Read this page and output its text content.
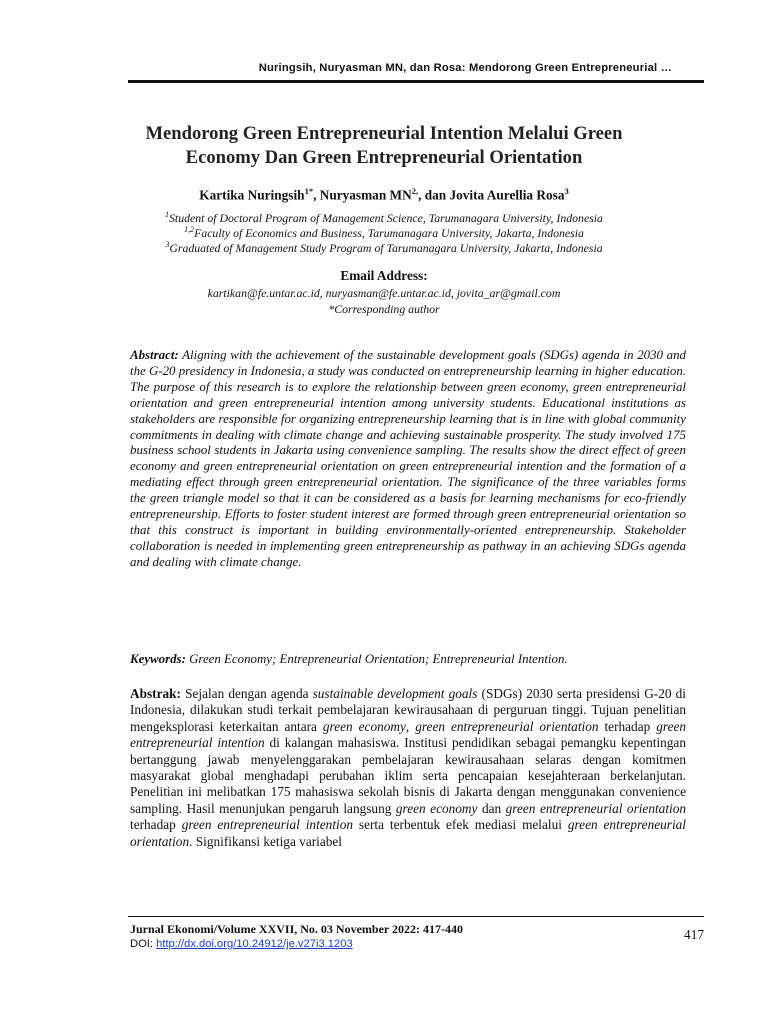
Nuringsih, Nuryasman MN, dan Rosa: Mendorong Green Entrepreneurial …
Mendorong Green Entrepreneurial Intention Melalui Green
Economy Dan Green Entrepreneurial Orientation
Kartika Nuringsih$^{1*}$, Nuryasman $MN^{2,}$, dan Jovita Aurellia Rosa$^3$
$^1$Student of Doctoral Program of Management Science, Tarumanagara University, Indonesia
$^{1,2}$Faculty of Economics and Business, Tarumanagara University, Jakarta, Indonesia
$^3$Graduated of Management Study Program of Tarumanagara University, Jakarta, Indonesia
Email Address:
kartikan@fe.untar.ac.id, nuryasman@fe.untar.ac.id, jovita_ar@gmail.com
*Corresponding author
Abstract: Aligning with the achievement of the sustainable development goals (SDGs) agenda in 2030 and the G-20 presidency in Indonesia, a study was conducted on entrepreneurship learning in higher education. The purpose of this research is to explore the relationship between green economy, green entrepreneurial orientation and green entrepreneurial intention among university students. Educational institutions as stakeholders are responsible for organizing entrepreneurship learning that is in line with global community commitments in dealing with climate change and achieving sustainable prosperity. The study involved 175 business school students in Jakarta using convenience sampling. The results show the direct effect of green economy and green entrepreneurial orientation on green entrepreneurial intention and the formation of a mediating effect through green entrepreneurial orientation. The significance of the three variables forms the green triangle model so that it can be considered as a basis for learning mechanisms for eco-friendly entrepreneurship. Efforts to foster student interest are formed through green entrepreneurial orientation so that this construct is important in building environmentally-oriented entrepreneurship. Stakeholder collaboration is needed in implementing green entrepreneurship as pathway in an achieving SDGs agenda and dealing with climate change.
Keywords: Green Economy; Entrepreneurial Orientation; Entrepreneurial Intention.
Abstrak: Sejalan dengan agenda sustainable development goals (SDGs) 2030 serta presidensi G-20 di Indonesia, dilakukan studi terkait pembelajaran kewirausahaan di perguruan tinggi. Tujuan penelitian mengeksplorasi keterkaitan antara green economy, green entrepreneurial orientation terhadap green entrepreneurial intention di kalangan mahasiswa. Institusi pendidikan sebagai pemangku kepentingan bertanggung jawab menyelenggarakan pembelajaran kewirausahaan selaras dengan komitmen masyarakat global menghadapi perubahan iklim serta pencapaian kesejahteraan berkelanjutan. Penelitian ini melibatkan 175 mahasiswa sekolah bisnis di Jakarta dengan menggunakan convenience sampling. Hasil menunjukan pengaruh langsung green economy dan green entrepreneurial orientation terhadap green entrepreneurial intention serta terbentuk efek mediasi melalui green entrepreneurial orientation. Signifikansi ketiga variabel
Jurnal Ekonomi/Volume XXVII, No. 03 November 2022: 417-440
DOI: http://dx.doi.org/10.24912/je.v27i3.1203
417
